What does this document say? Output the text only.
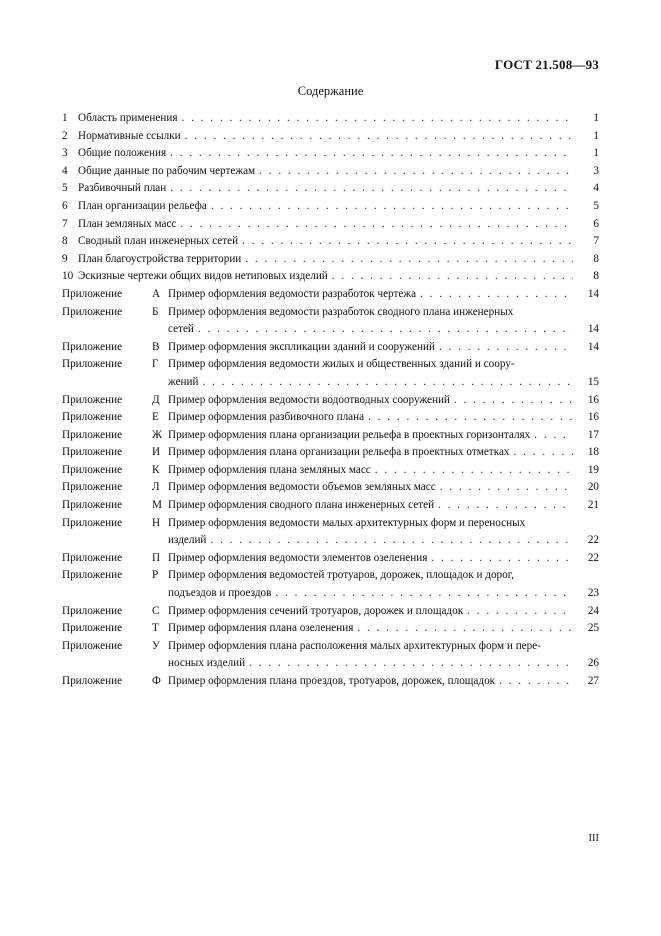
ГОСТ 21.508—93
Содержание
1 Область применения . . .	1
2 Нормативные ссылки . . .	1
3 Общие положения . . .	1
4 Общие данные по рабочим чертежам . . .	3
5 Разбивочный план . . .	4
6 План организации рельефа . . .	5
7 План земляных масс . . .	6
8 Сводный план инженерных сетей . . .	7
9 План благоустройства территории . . .	8
10 Эскизные чертежи общих видов нетиповых изделий . . .	8
Приложение	А Пример оформления ведомости разработок чертежа . . .	14
Приложение	Б Пример оформления ведомости разработок сводного плана инженерных
сетей . . .	14
Приложение	В Пример оформления экспликации зданий и сооружений . . .	14
Приложение	Г Пример оформления ведомости жилых и общественных зданий и соору-
жений . . .	15
Приложение	Д Пример оформления ведомости водоотводных сооружений . . .	16
Приложение	Е Пример оформления разбивочного плана . . .	16
Приложение	Ж Пример оформления плана организации рельефа в проектных горизонталях . . .	17
Приложение	И Пример оформления плана организации рельефа в проектных отметках . . .	18
Приложение	К Пример оформления плана земляных масс . . .	19
Приложение	Л Пример оформления ведомости объемов земляных масс . . .	20
Приложение	М Пример оформления сводного плана инженерных сетей . . .	21
Приложение	Н Пример оформления ведомости малых архитектурных форм и переносных
изделий . . .	22
Приложение	П Пример оформления ведомости элементов озеленения . . .	22
Приложение	Р Пример оформления ведомостей тротуаров, дорожек, площадок и дорог,
подъездов и проездов . . .	23
Приложение	С Пример оформления сечений тротуаров, дорожек и площадок . . .	24
Приложение	Т Пример оформления плана озеленения . . .	25
Приложение	У Пример оформления плана расположения малых архитектурных форм и пере-
носных изделий . . .	26
Приложение	Ф Пример оформления плана проездов, тротуаров, дорожек, площадок . . .	27
III
